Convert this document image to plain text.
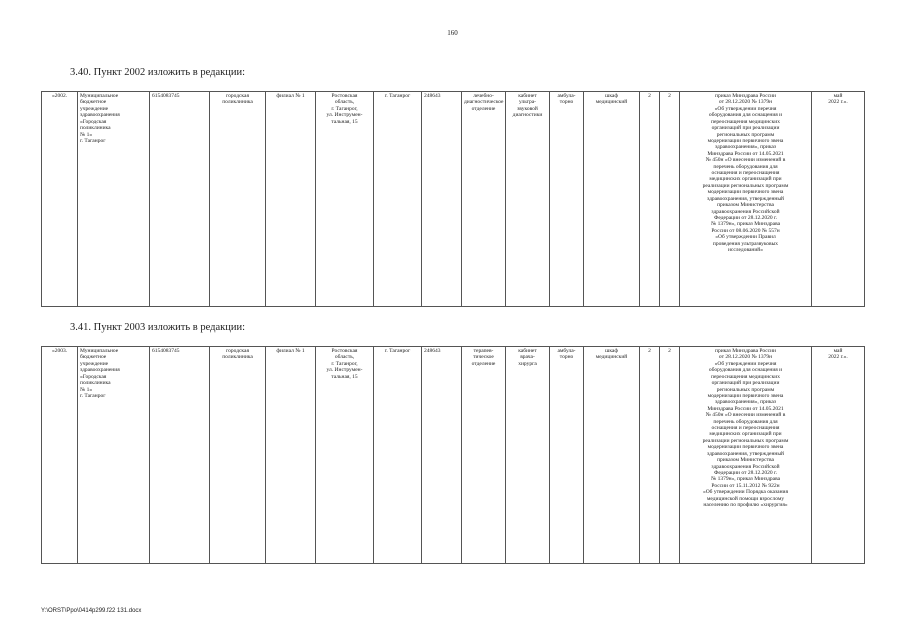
160
3.40. Пункт 2002 изложить в редакции:
«2002.	Муниципальное
бюджетное
учреждение
здравоохранения
«Городская
поликлиника
№ 1»
г. Таганрог

6154083745	городская
поликлиника

филиал № 1	Ростовская
область,
г. Таганрог,
ул. Инструмен-
тальная, 15

г. Таганрог	248643	лечебно-
диагностическое
отделение

кабинет
ультра-
звуковой
диагностики

амбула-
торно

шкаф
медицинский

2	2	приказ Минздрава России
от 28.12.2020 № 1379н
«Об утверждении перечня
оборудования для оснащения и
переоснащения медицинских
организаций при реализации
региональных программ
модернизации первичного звена
здравоохранения», приказ
Минздрава России от 14.05.2021
№ 450н «О внесении изменений в
перечень оборудования для
оснащения и переоснащения
медицинских организаций при
реализации региональных программ
модернизации первичного звена
здравоохранения, утвержденный
приказом Министерства
здравоохранения Российской
Федерации от 28.12.2020 г.
№ 1379н», приказ Минздрава
России от 08.06.2020 № 557н
«Об утверждении Правил
проведения ультразвуковых
исследований»

май
2022 г.».
3.41. Пункт 2003 изложить в редакции:
«2003.	Муниципальное
бюджетное
учреждение
здравоохранения
«Городская
поликлиника
№ 1»
г. Таганрог

6154083745	городская
поликлиника

филиал № 1	Ростовская
область,
г. Таганрог,
ул. Инструмен-
тальная, 15

г. Таганрог	248643	терапев-
тическое
отделение

кабинет
врача-
хирурга

амбула-
торно

шкаф
медицинский

2	2	приказ Минздрава России
от 28.12.2020 № 1379н
«Об утверждении перечня
оборудования для оснащения и
переоснащения медицинских
организаций при реализации
региональных программ
модернизации первичного звена
здравоохранения», приказ
Минздрава России от 14.05.2021
№ 450н «О внесении изменений в
перечень оборудования для
оснащения и переоснащения
медицинских организаций при
реализации региональных программ
модернизации первичного звена
здравоохранения, утвержденный
приказом Министерства
здравоохранения Российской
Федерации от 28.12.2020 г.
№ 1379н», приказ Минздрава
России от 15.11.2012 № 922н
«Об утверждении Порядка оказания
медицинской помощи взрослому
населению по профилю «хирургия»

май
2022 г.».
Y:\ORST\Ppo\0414p299.f22 131.docx
